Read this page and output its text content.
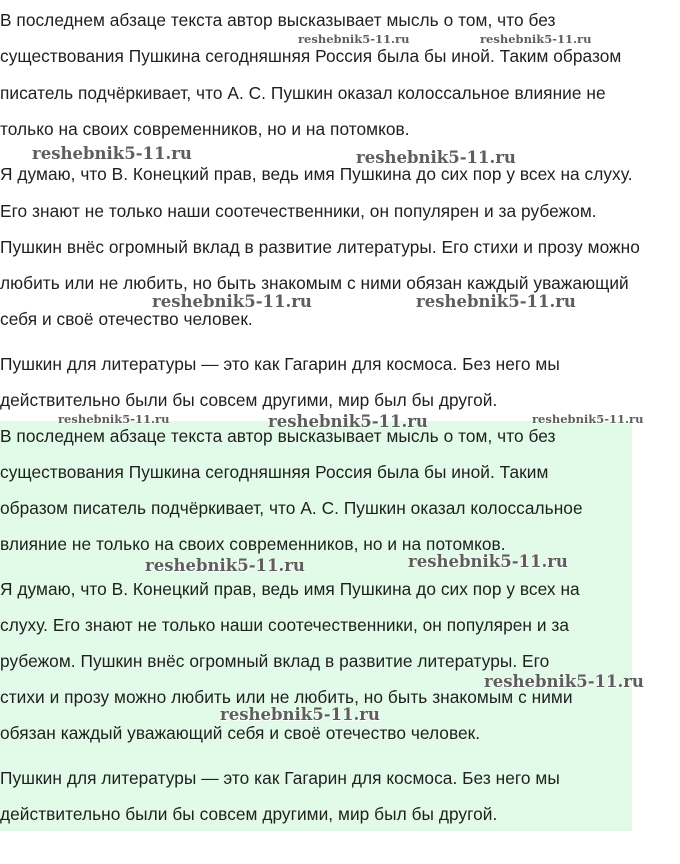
В последнем абзаце текста автор высказывает мысль о том, что без
существования Пушкина сегодняшняя Россия была бы иной. Таким образом
писатель подчёркивает, что А. С. Пушкин оказал колоссальное влияние не
только на своих современников, но и на потомков.
Я думаю, что В. Конецкий прав, ведь имя Пушкина до сих пор у всех на слуху.
Его знают не только наши соотечественники, он популярен и за рубежом.
Пушкин внёс огромный вклад в развитие литературы. Его стихи и прозу можно
любить или не любить, но быть знакомым с ними обязан каждый уважающий
себя и своё отечество человек.
Пушкин для литературы — это как Гагарин для космоса. Без него мы
действительно были бы совсем другими, мир был бы другой.
В последнем абзаце текста автор высказывает мысль о том, что без
существования Пушкина сегодняшняя Россия была бы иной. Таким
образом писатель подчёркивает, что А. С. Пушкин оказал колоссальное
влияние не только на своих современников, но и на потомков.
Я думаю, что В. Конецкий прав, ведь имя Пушкина до сих пор у всех на
слуху. Его знают не только наши соотечественники, он популярен и за
рубежом. Пушкин внёс огромный вклад в развитие литературы. Его
стихи и прозу можно любить или не любить, но быть знакомым с ними
обязан каждый уважающий себя и своё отечество человек.
Пушкин для литературы — это как Гагарин для космоса. Без него мы
действительно были бы совсем другими, мир был бы другой.
reshebnik5-11.ru	reshebnik5-11.ru
reshebnik5-11.ru	reshebnik5-11.ru
reshebnik5-11.ru	reshebnik5-11.ru
reshebnik5-11.ru	reshebnik5-11.ru	reshebnik5-11.ru
reshebnik5-11.ru	reshebnik5-11.ru
reshebnik5-11.ru
reshebnik5-11.ru
